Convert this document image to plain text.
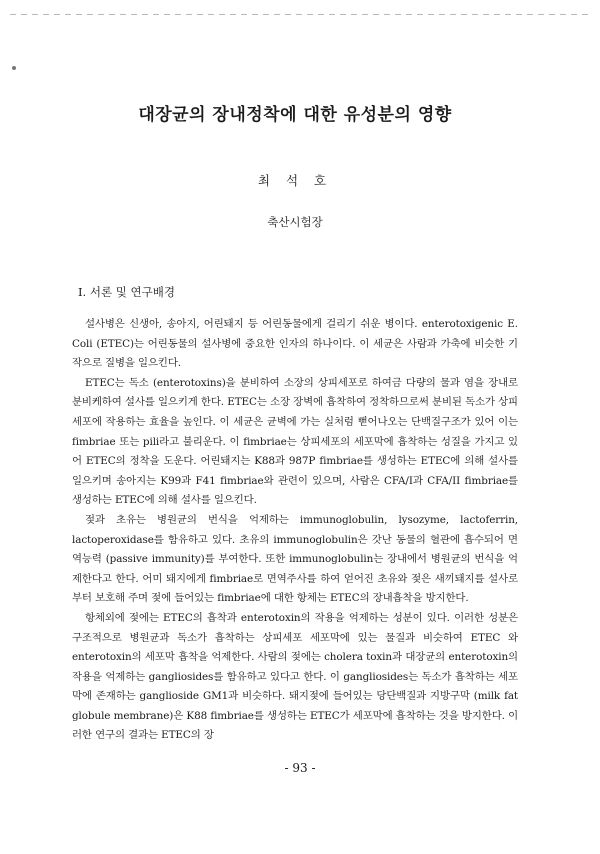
대장균의 장내정착에 대한 유성분의 영향
최 석 호
축산시험장
Ⅰ. 서론 및 연구배경

설사병은 신생아, 송아지, 어린돼지 등 어린동물에게 걸리기 쉬운 병이다. enterotoxigenic E. Coli (ETEC)는 어린동물의 설사병에 중요한 인자의 하나이다. 이 세균은 사람과 가축에 비슷한 기작으로 질병을 일으킨다.

ETEC는 독소 (enterotoxins)을 분비하여 소장의 상피세포로 하여금 다량의 물과 염을 장내로 분비케하여 설사를 일으키게 한다. ETEC는 소장 장벽에 흡착하여 정착하므로써 분비된 독소가 상피세포에 작용하는 효율을 높인다. 이 세균은 균벽에 가는 실처럼 뻗어나오는 단백질구조가 있어 이는 fimbriae 또는 pili라고 불리운다. 이 fimbriae는 상피세포의 세포막에 흡착하는 성질을 가지고 있어 ETEC의 정착을 도운다. 어린돼지는 K88과 987P fimbriae를 생성하는 ETEC에 의해 설사를 일으키며 송아지는 K99과 F41 fimbriae와 관련이 있으며, 사람은 CFA/I과 CFA/II fimbriae를 생성하는 ETEC에 의해 설사를 일으킨다.

젖과 초유는 병원균의 번식을 억제하는 immunoglobulin, lysozyme, lactoferrin, lactoperoxidase를 함유하고 있다. 초유의 immunoglobulin은 갓난 동물의 혈관에 흡수되어 면역능력 (passive immunity)를 부여한다. 또한 immunoglobulin는 장내에서 병원균의 번식을 억제한다고 한다. 어미 돼지에게 fimbriae로 면역주사를 하여 얻어진 초유와 젖은 새끼돼지를 설사로 부터 보호해 주며 젖에 들어있는 fimbriae에 대한 항체는 ETEC의 장내흡착을 방지한다.

항체외에 젖에는 ETEC의 흡착과 enterotoxin의 작용을 억제하는 성분이 있다. 이러한 성분은 구조적으로 병원균과 독소가 흡착하는 상피세포 세포막에 있는 물질과 비슷하여 ETEC 와 enterotoxin의 세포막 흡착을 억제한다. 사람의 젖에는 cholera toxin과 대장균의 enterotoxin의 작용을 억제하는 gangliosides를 함유하고 있다고 한다. 이 gangliosides는 독소가 흡착하는 세포막에 존재하는 ganglioside GM1과 비슷하다. 돼지젖에 들어있는 당단백질과 지방구막 (milk fat globule membrane)은 K88 fimbriae를 생성하는 ETEC가 세포막에 흡착하는 것을 방지한다. 이러한 연구의 결과는 ETEC의 장

- 93 -
